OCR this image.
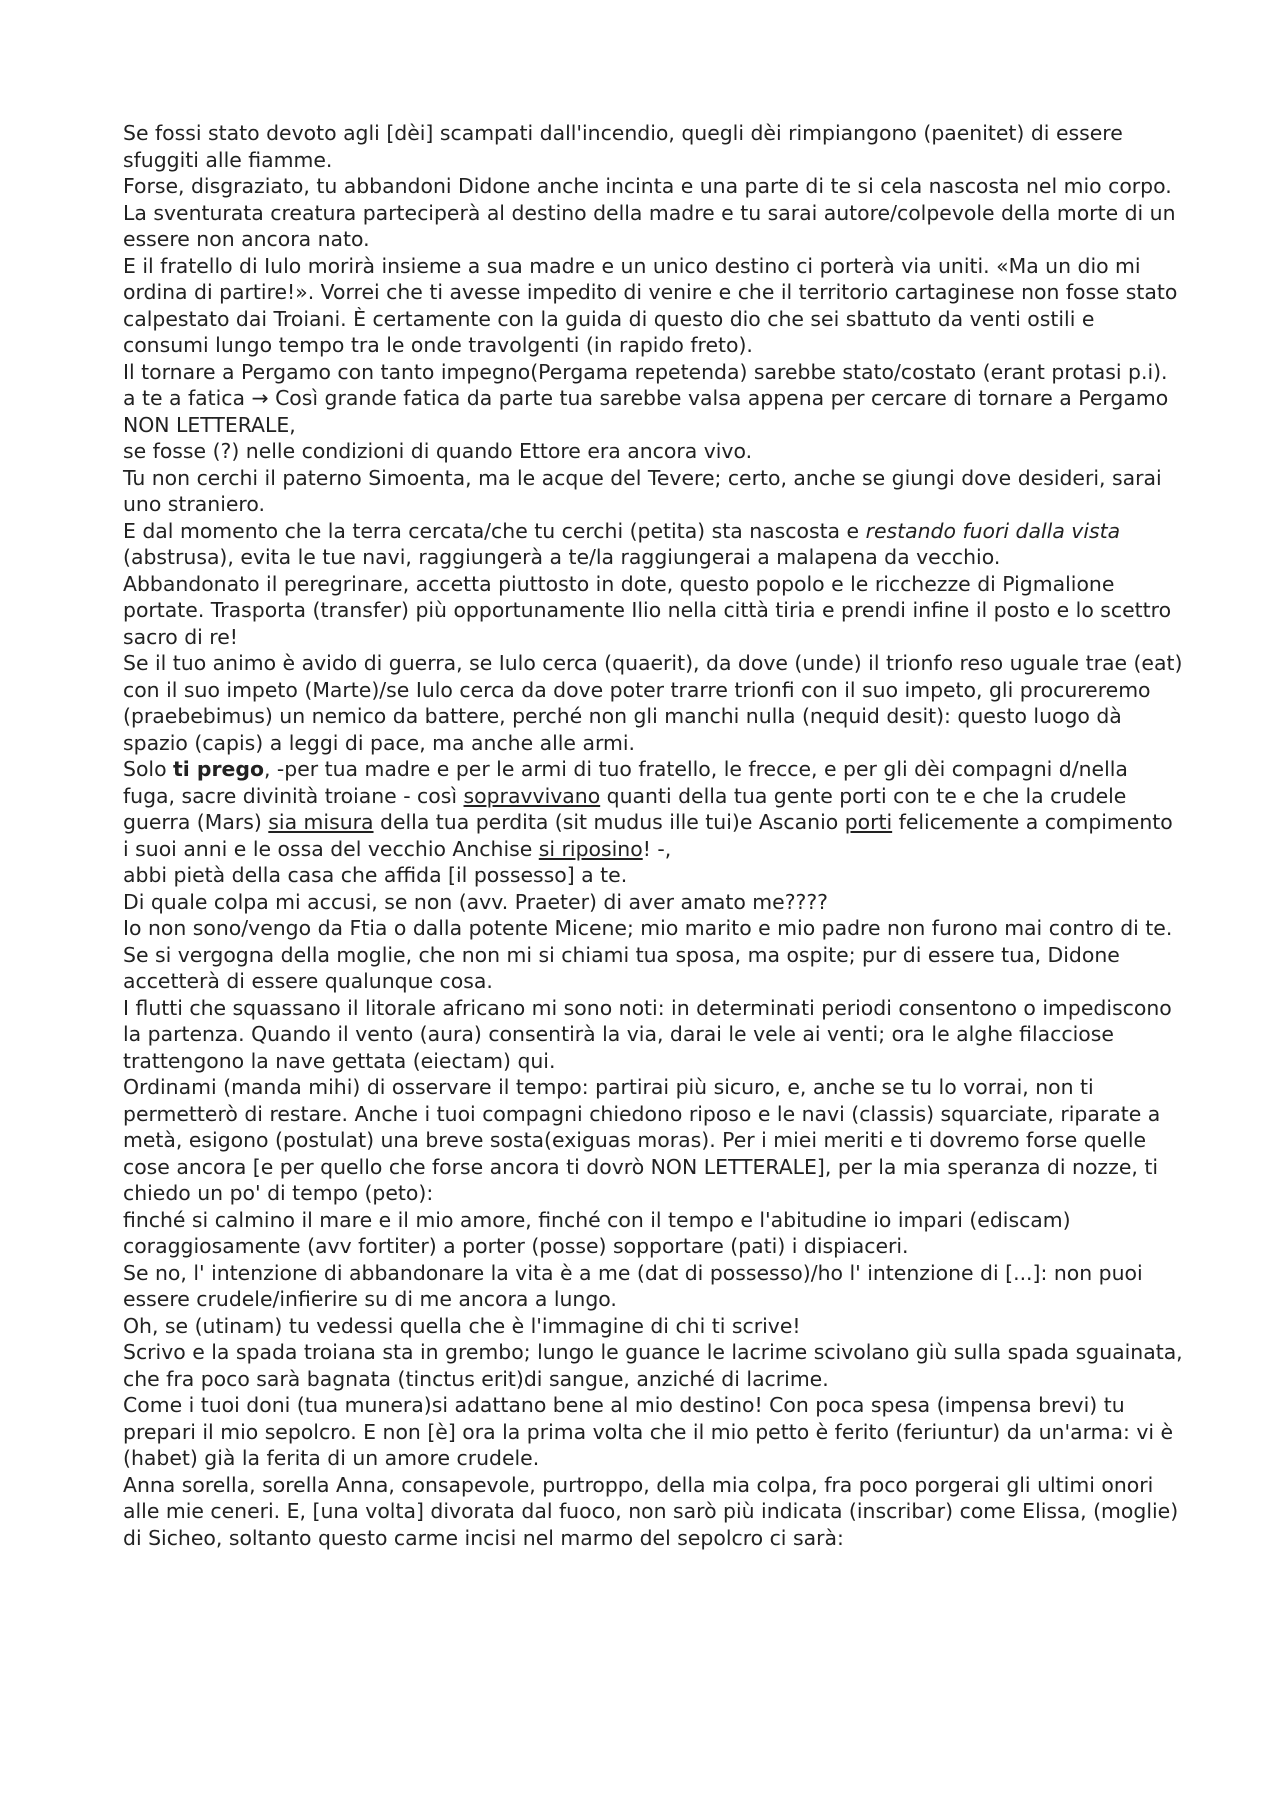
Se fossi stato devoto agli [dèi] scampati dall'incendio, quegli dèi rimpiangono (paenitet) di essere sfuggiti alle fiamme.

Forse, disgraziato, tu abbandoni Didone anche incinta e una parte di te si cela nascosta nel mio corpo. La sventurata creatura parteciperà al destino della madre e tu sarai autore/colpevole della morte di un essere non ancora nato.

E il fratello di Iulo morirà insieme a sua madre e un unico destino ci porterà via uniti. «Ma un dio mi ordina di partire!». Vorrei che ti avesse impedito di venire e che il territorio cartaginese non fosse stato calpestato dai Troiani. È certamente con la guida di questo dio che sei sbattuto da venti ostili e consumi lungo tempo tra le onde travolgenti (in rapido freto).

Il tornare a Pergamo con tanto impegno(Pergama repetenda) sarebbe stato/costato (erant protasi p.i). a te a fatica → Così grande fatica da parte tua sarebbe valsa appena per cercare di tornare a Pergamo NON LETTERALE,

se fosse (?) nelle condizioni di quando Ettore era ancora vivo.

Tu non cerchi il paterno Simoenta, ma le acque del Tevere; certo, anche se giungi dove desideri, sarai uno straniero.

E dal momento che la terra cercata/che tu cerchi (petita) sta nascosta e restando fuori dalla vista (abstrusa), evita le tue navi, raggiungerà a te/la raggiungerai a malapena da vecchio.

Abbandonato il peregrinare, accetta piuttosto in dote, questo popolo e le ricchezze di Pigmalione portate. Trasporta (transfer) più opportunamente Ilio nella città tiria e prendi infine il posto e lo scettro sacro di re!

Se il tuo animo è avido di guerra, se Iulo cerca (quaerit), da dove (unde) il trionfo reso uguale trae (eat) con il suo impeto (Marte)/se Iulo cerca da dove poter trarre trionfi con il suo impeto, gli procureremo (praebebimus) un nemico da battere, perché non gli manchi nulla (nequid desit): questo luogo dà spazio (capis) a leggi di pace, ma anche alle armi.

Solo ti prego, -per tua madre e per le armi di tuo fratello, le frecce, e per gli dèi compagni d/nella fuga, sacre divinità troiane - così sopravvivano quanti della tua gente porti con te e che la crudele guerra (Mars) sia misura della tua perdita (sit mudus ille tui)e Ascanio porti felicemente a compimento i suoi anni e le ossa del vecchio Anchise si riposino! -,

abbi pietà della casa che affida [il possesso] a te.

Di quale colpa mi accusi, se non (avv. Praeter) di aver amato me????

Io non sono/vengo da Ftia o dalla potente Micene; mio marito e mio padre non furono mai contro di te.

Se si vergogna della moglie, che non mi si chiami tua sposa, ma ospite; pur di essere tua, Didone accetterà di essere qualunque cosa.

I flutti che squassano il litorale africano mi sono noti: in determinati periodi consentono o impediscono la partenza. Quando il vento (aura) consentirà la via, darai le vele ai venti; ora le alghe filacciose trattengono la nave gettata (eiectam) qui.

Ordinami (manda mihi) di osservare il tempo: partirai più sicuro, e, anche se tu lo vorrai, non ti permetterò di restare. Anche i tuoi compagni chiedono riposo e le navi (classis) squarciate, riparate a metà, esigono (postulat) una breve sosta(exiguas moras). Per i miei meriti e ti dovremo forse quelle cose ancora [e per quello che forse ancora ti dovrò NON LETTERALE], per la mia speranza di nozze, ti chiedo un po' di tempo (peto):

finché si calmino il mare e il mio amore, finché con il tempo e l'abitudine io impari (ediscam) coraggiosamente (avv fortiter) a porter (posse) sopportare (pati) i dispiaceri.

Se no, l' intenzione di abbandonare la vita è a me (dat di possesso)/ho l' intenzione di [...]: non puoi essere crudele/infierire su di me ancora a lungo.

Oh, se (utinam) tu vedessi quella che è l'immagine di chi ti scrive!

Scrivo e la spada troiana sta in grembo; lungo le guance le lacrime scivolano giù sulla spada sguainata, che fra poco sarà bagnata (tinctus erit)di sangue, anziché di lacrime.

Come i tuoi doni (tua munera)si adattano bene al mio destino! Con poca spesa (impensa brevi) tu prepari il mio sepolcro. E non [è] ora la prima volta che il mio petto è ferito (feriuntur) da un'arma: vi è (habet) già la ferita di un amore crudele.

Anna sorella, sorella Anna, consapevole, purtroppo, della mia colpa, fra poco porgerai gli ultimi onori alle mie ceneri. E, [una volta] divorata dal fuoco, non sarò più indicata (inscribar) come Elissa, (moglie) di Sicheo, soltanto questo carme incisi nel marmo del sepolcro ci sarà:
